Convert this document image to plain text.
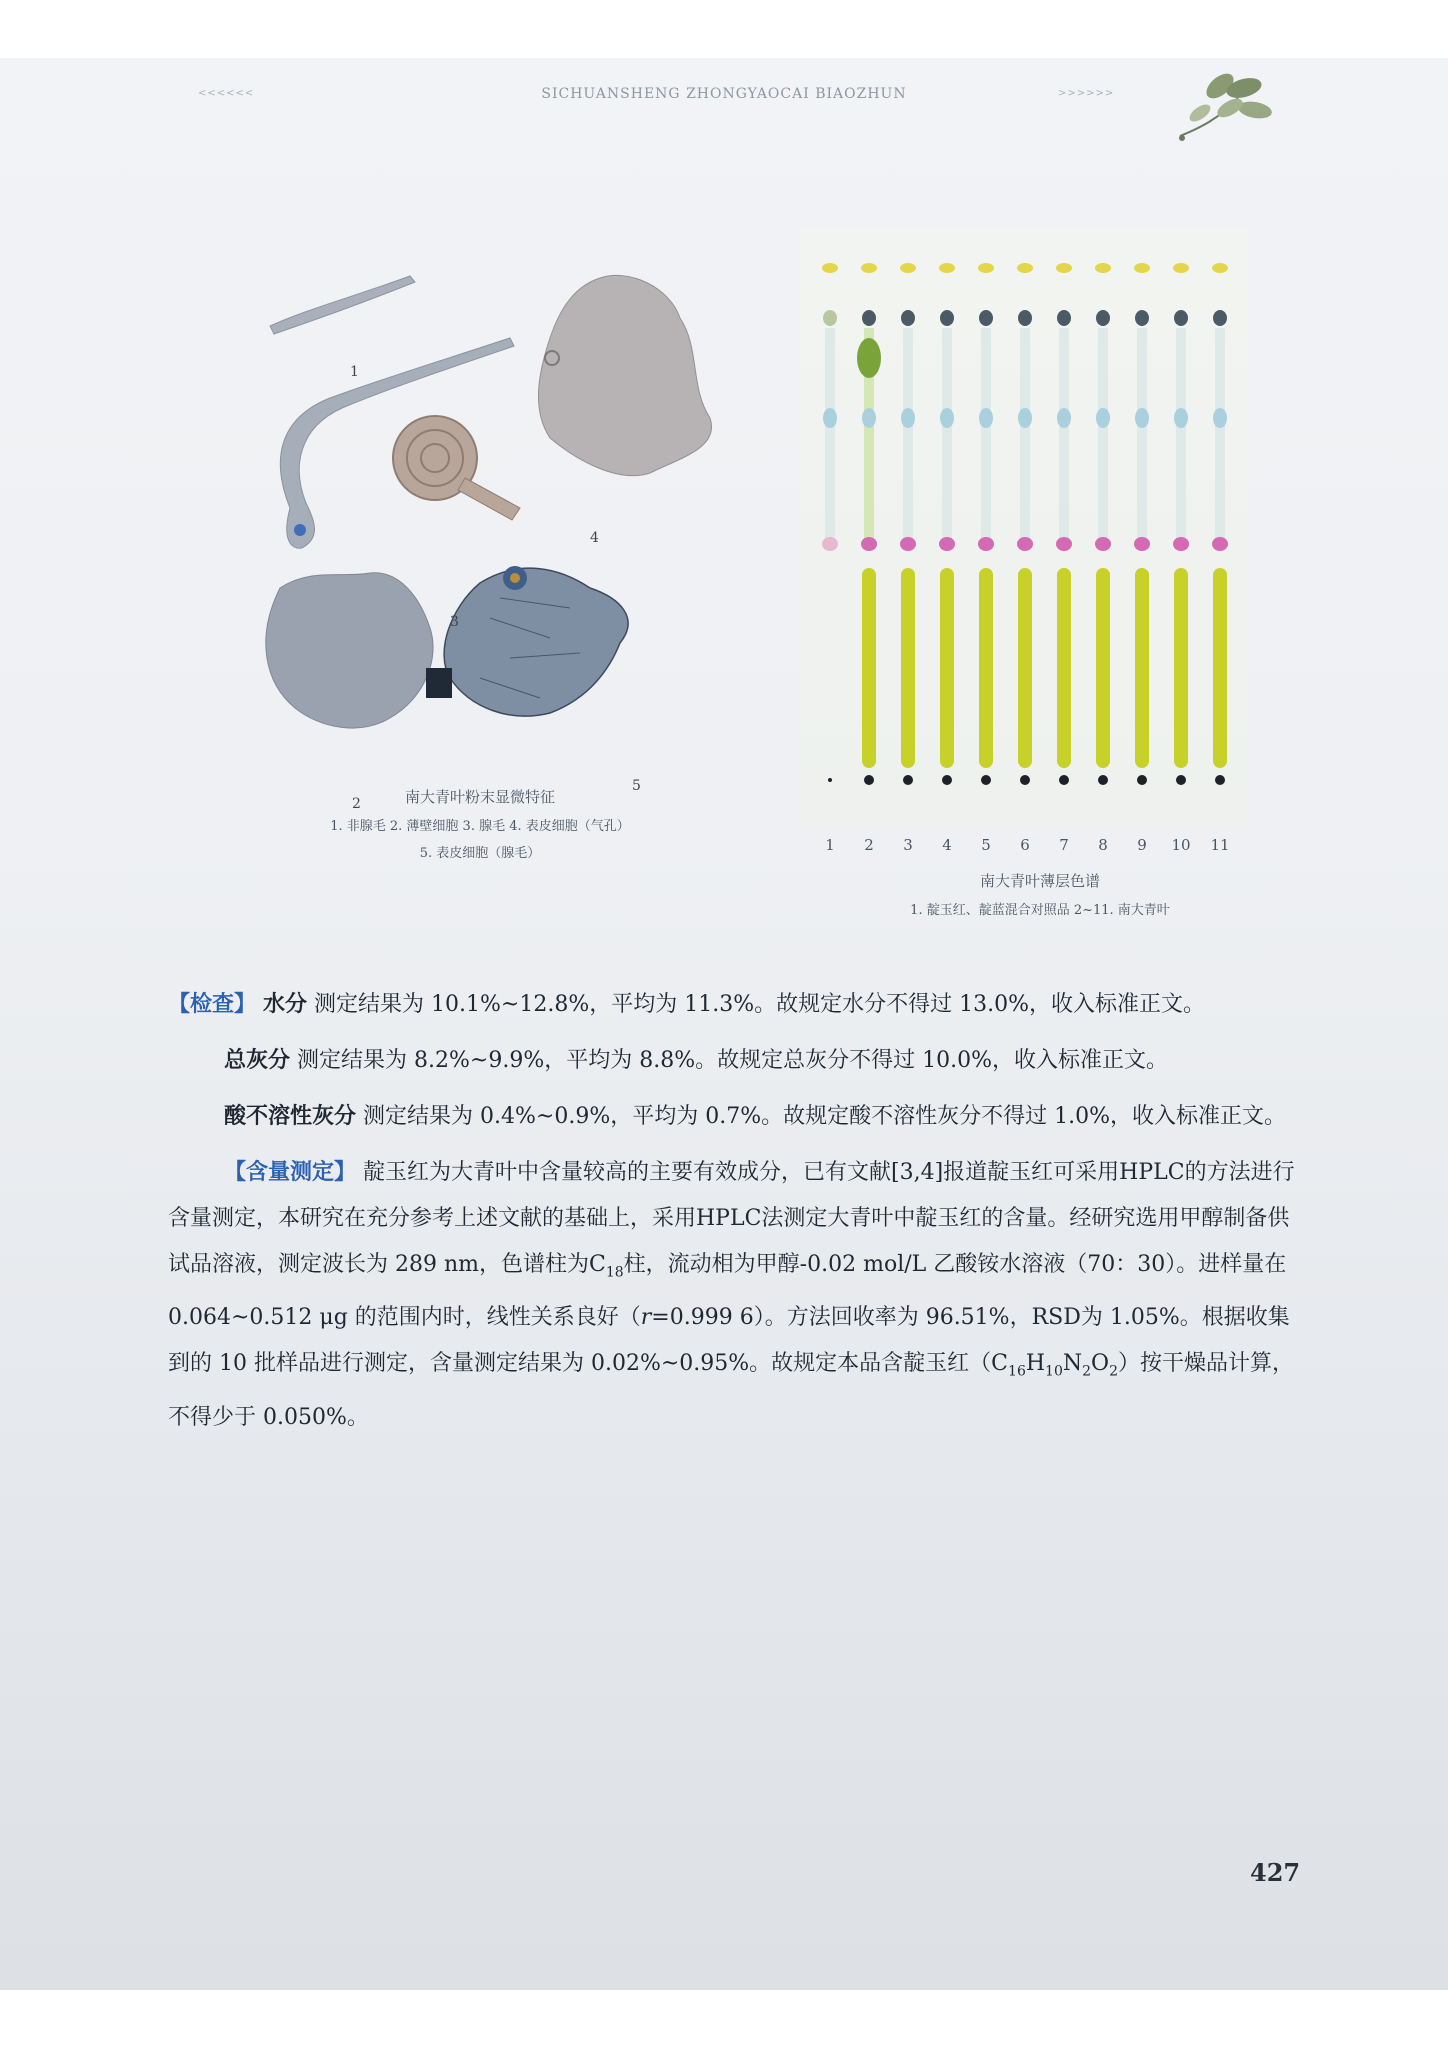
<<<<<<	SICHUANSHENG ZHONGYAOCAI BIAOZHUN	>>>>>>
1
2
3
4
5
南大青叶粉末显微特征
1. 非腺毛 2. 薄壁细胞 3. 腺毛 4. 表皮细胞（气孔）
5. 表皮细胞（腺毛）	1 2 3 4 5 6 7 8 9 10 11
南大青叶薄层色谱
1. 靛玉红、靛蓝混合对照品 2~11. 南大青叶

【检查】 水分 测定结果为 10.1%~12.8%，平均为 11.3%。故规定水分不得过 13.0%，收入标准正文。

总灰分 测定结果为 8.2%~9.9%，平均为 8.8%。故规定总灰分不得过 10.0%，收入标准正文。

酸不溶性灰分 测定结果为 0.4%~0.9%，平均为 0.7%。故规定酸不溶性灰分不得过 1.0%，收入标准正文。

【含量测定】 靛玉红为大青叶中含量较高的主要有效成分，已有文献[3,4]报道靛玉红可采用HPLC的方法进行含量测定，本研究在充分参考上述文献的基础上，采用HPLC法测定大青叶中靛玉红的含量。经研究选用甲醇制备供试品溶液，测定波长为 289 nm，色谱柱为$C_{18}$柱，流动相为甲醇-0.02 mol/L 乙酸铵水溶液（70：30）。进样量在 0.064~0.512 μg 的范围内时，线性关系良好（r=0.999 6）。方法回收率为 96.51%，RSD为 1.05%。根据收集到的 10 批样品进行测定，含量测定结果为 0.02%~0.95%。故规定本品含靛玉红$(C_{16}H_{10}N_2O_2)$按干燥品计算，不得少于 0.050%。

427
